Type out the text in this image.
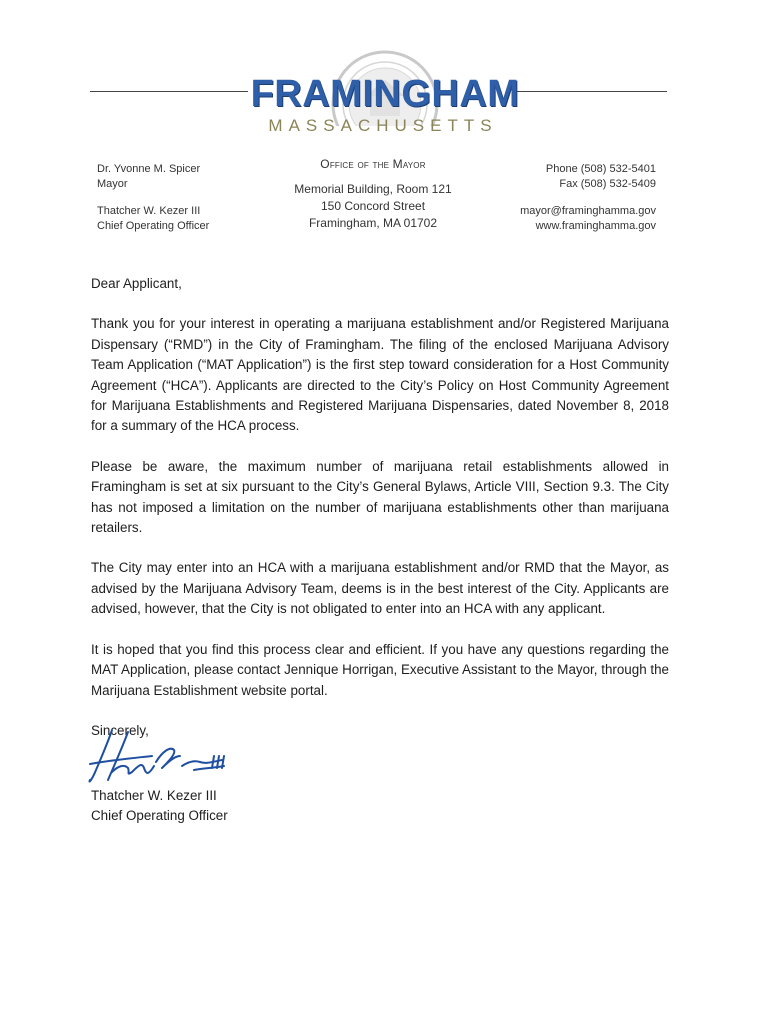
FRAMINGHAM
MASSACHUSETTS
Dr. Yvonne M. Spicer
Mayor
Thatcher W. Kezer III
Chief Operating Officer
Office of the Mayor
Memorial Building, Room 121
150 Concord Street
Framingham, MA 01702
Phone (508) 532-5401
Fax (508) 532-5409
mayor@framinghamma.gov
www.framinghamma.gov

Dear Applicant,

Thank you for your interest in operating a marijuana establishment and/or Registered Marijuana Dispensary (“RMD”) in the City of Framingham. The filing of the enclosed Marijuana Advisory Team Application (“MAT Application”) is the first step toward consideration for a Host Community Agreement (“HCA”). Applicants are directed to the City’s Policy on Host Community Agreement for Marijuana Establishments and Registered Marijuana Dispensaries, dated November 8, 2018 for a summary of the HCA process.

Please be aware, the maximum number of marijuana retail establishments allowed in Framingham is set at six pursuant to the City’s General Bylaws, Article VIII, Section 9.3. The City has not imposed a limitation on the number of marijuana establishments other than marijuana retailers.

The City may enter into an HCA with a marijuana establishment and/or RMD that the Mayor, as advised by the Marijuana Advisory Team, deems is in the best interest of the City. Applicants are advised, however, that the City is not obligated to enter into an HCA with any applicant.

It is hoped that you find this process clear and efficient. If you have any questions regarding the MAT Application, please contact Jennique Horrigan, Executive Assistant to the Mayor, through the Marijuana Establishment website portal.

Sincerely,

Thatcher W. Kezer III
Chief Operating Officer
